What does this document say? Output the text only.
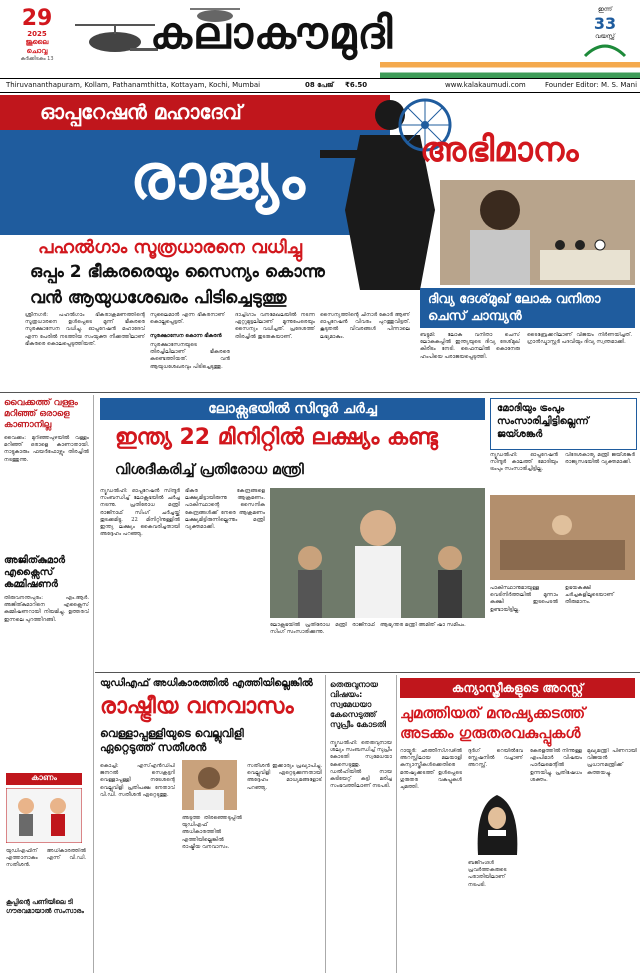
29
2025
ജൂലൈ
ചൊവ്വ
കർക്കിടകം 13	കലാകൗമുദി	ഇന്ന്
33
വയസ്സ്
Thiruvananthapuram, Kollam, Pathanamthitta, Kottayam, Kochi, Mumbai	08 പേജ് ₹6.50	www.kalakaumudi.com	Founder Editor: M. S. Mani
ഓപ്പറേഷൻ മഹാദേവ്
രാജ്യം	അഭിമാനം
പഹൽഗാം സൂത്രധാരനെ വധിച്ചു
ഒപ്പം 2 ഭീകരരെയും സൈന്യം കൊന്നു
വൻ ആയുധശേഖരം പിടിച്ചെടുത്തു	ദിവ്യ ദേശ്‌മുഖ് ലോക വനിതാ ചെസ് ചാമ്പ്യൻ
ശ്രീനഗർ: പഹൽഗാം ഭീകരാക്രമണത്തിന്റെ സൂത്രധാരനെ ഉൾപ്പെടെ മൂന്ന് ഭീകരരെ സുരക്ഷാസേന വധിച്ചു. ഓപ്പറേഷൻ മഹാദേവ് എന്ന പേരിൽ നടത്തിയ സംയുക്ത നീക്കത്തിലാണ് ഭീകരരെ കൊലപ്പെടുത്തിയത്.
സുലൈമാൻ എന്ന ഭീകരനാണ് കൊല്ലപ്പെട്ടത്.
സുരക്ഷാസേന കൊന്ന ഭീകരൻ
സുരക്ഷാസേനയുടെ തിരച്ചിലിലാണ് ഭീകരരെ കണ്ടെത്തിയത്. വൻ ആയുധശേഖരവും പിടിച്ചെടുത്തു.
ദാച്ചിഗാം വനമേഖലയിൽ നടന്ന ഏറ്റുമുട്ടലിലാണ് മൂന്നുപേരെയും സൈന്യം വധിച്ചത്. പ്രദേശത്ത് തിരച്ചിൽ തുടരുകയാണ്.
സൈന്യത്തിന്റെ ചിനാർ കോർ ആണ് ഓപ്പറേഷൻ വിവരം പുറത്തുവിട്ടത്. കൂടുതൽ വിവരങ്ങൾ പിന്നാലെ ലഭ്യമാകും.	ബട്ടുമി: ലോക വനിതാ ചെസ് ലോകകപ്പിൽ ഇന്ത്യയുടെ ദിവ്യ ദേശ്‌മുഖ് കിരീടം നേടി. ഫൈനലിൽ കൊനേരു ഹംപിയെ പരാജയപ്പെടുത്തി.
ടൈബ്രേക്കറിലാണ് വിജയം നിർണയിച്ചത്. ഗ്രാൻഡ്മാസ്റ്റർ പദവിയും ദിവ്യ സ്വന്തമാക്കി.
വൈക്കത്ത് വള്ളം മറിഞ്ഞ് ഒരാളെ കാണാനില്ല
വൈക്കം: മുറിഞ്ഞപുഴയിൽ വള്ളം മറിഞ്ഞ് ഒരാളെ കാണാതായി. നാട്ടുകാരും ഫയർഫോഴ്സും തിരച്ചിൽ നടത്തുന്നു.
അജിത്കുമാർ എക്സൈസ് കമ്മിഷണർ
തിരുവനന്തപുരം: എം.ആർ. അജിത്കുമാറിനെ എക്സൈസ് കമ്മിഷണറായി നിയമിച്ചു. ഉത്തരവ് ഇന്നലെ പുറത്തിറങ്ങി.
കാണം
യുഡിഎഫിന് അധികാരത്തിൽ എത്താനാകും എന്ന് വി.ഡി. സതീശൻ.
കൂപ്പിന്റെ പണിയിലെ ടി ഗൗരവമായാൽ സംസാരം
ലോക്സഭയിൽ സിന്ദൂർ ചർച്ച
ഇന്ത്യ 22 മിനിറ്റിൽ ലക്ഷ്യം കണ്ടു
വിശദീകരിച്ച് പ്രതിരോധ മന്ത്രി
ന്യൂഡൽഹി: ഓപ്പറേഷൻ സിന്ദൂർ സംബന്ധിച്ച് ലോക്സഭയിൽ ചർച്ച നടന്നു. പ്രതിരോധ മന്ത്രി രാജ്നാഥ് സിംഗ് ചർച്ചയ്ക്ക് തുടക്കമിട്ടു. 22 മിനിറ്റിനുള്ളിൽ ഇന്ത്യ ലക്ഷ്യം കൈവരിച്ചതായി അദ്ദേഹം പറഞ്ഞു.
ഭീകര കേന്ദ്രങ്ങളെ ലക്ഷ്യമിട്ടായിരുന്നു ആക്രമണം. പാകിസ്ഥാന്റെ സൈനിക കേന്ദ്രങ്ങൾക്ക് നേരെ ആക്രമണം ലക്ഷ്യമിട്ടിരുന്നില്ലെന്നും മന്ത്രി വ്യക്തമാക്കി.
ലോക്സഭയിൽ പ്രതിരോധ മന്ത്രി രാജ്നാഥ് സിംഗ് സംസാരിക്കുന്നു.
ആഭ്യന്തര മന്ത്രി അമിത് ഷാ സമീപം.
മോദിയും ട്രംപും സംസാരിച്ചിട്ടില്ലെന്ന് ജയ്ശങ്കർ
ന്യൂഡൽഹി: ഓപ്പറേഷൻ സിന്ദൂർ കാലത്ത് മോദിയും ട്രംപും സംസാരിച്ചിട്ടില്ല.
വിദേശകാര്യ മന്ത്രി ജയ്ശങ്കർ രാജ്യസഭയിൽ വ്യക്തമാക്കി.
പാകിസ്ഥാനുമായുള്ള വെടിനിർത്തലിൽ മൂന്നാം കക്ഷി ഇടപെടൽ ഉണ്ടായിട്ടില്ല.
ഉഭയകക്ഷി ചർച്ചകളിലൂടെയാണ് തീരുമാനം.
യുഡിഎഫ് അധികാരത്തിൽ എത്തിയില്ലെങ്കിൽ
രാഷ്ട്രീയ വനവാസം
വെള്ളാപ്പള്ളിയുടെ വെല്ലുവിളി ഏറ്റെടുത്ത് സതീശൻ
കൊച്ചി: എസ്എൻഡിപി ജനറൽ സെക്രട്ടറി വെള്ളാപ്പള്ളി നടേശന്റെ വെല്ലുവിളി പ്രതിപക്ഷ നേതാവ് വി.ഡി. സതീശൻ ഏറ്റെടുത്തു.
അടുത്ത തിരഞ്ഞെടുപ്പിൽ യുഡിഎഫ് അധികാരത്തിൽ എത്തിയില്ലെങ്കിൽ രാഷ്ട്രീയ വനവാസം.
സതീശൻ ഇക്കാര്യം പ്രഖ്യാപിച്ചു. വെല്ലുവിളി ഏറ്റെടുക്കുന്നതായി അദ്ദേഹം മാധ്യമങ്ങളോട് പറഞ്ഞു.
തെരുവുനായ വിഷയം: സ്വമേധയാ കേസെടുത്ത് സുപ്രീം കോടതി
ന്യൂഡൽഹി: തെരുവുനായ ശല്യം സംബന്ധിച്ച് സുപ്രീം കോടതി സ്വമേധയാ കേസെടുത്തു. ഡൽഹിയിൽ നായ കടിയേറ്റ് കുട്ടി മരിച്ച സംഭവത്തിലാണ് നടപടി.
കന്യാസ്ത്രീകളുടെ അറസ്റ്റ്
ചുമത്തിയത് മനുഷ്യക്കടത്ത് അടക്കം ഗുരുതരവകുപ്പുകൾ
റായ്പൂർ: ഛത്തീസ്ഗഢിൽ അറസ്റ്റിലായ മലയാളി കന്യാസ്ത്രീകൾക്കെതിരെ മനുഷ്യക്കടത്ത് ഉൾപ്പെടെ ഗുരുതര വകുപ്പുകൾ ചുമത്തി.
ദുർഗ് റെയിൽവേ സ്റ്റേഷനിൽ വച്ചാണ് അറസ്റ്റ്.
ബജ്റംഗ്ദൾ പ്രവർത്തകരുടെ പരാതിയിലാണ് നടപടി.
കേരളത്തിൽ നിന്നുള്ള എംപിമാർ വിഷയം പാർലമെന്റിൽ ഉന്നയിച്ചു. പ്രതിഷേധം ശക്തം.
മുഖ്യമന്ത്രി പിണറായി വിജയൻ പ്രധാനമന്ത്രിക്ക് കത്തയച്ചു.
